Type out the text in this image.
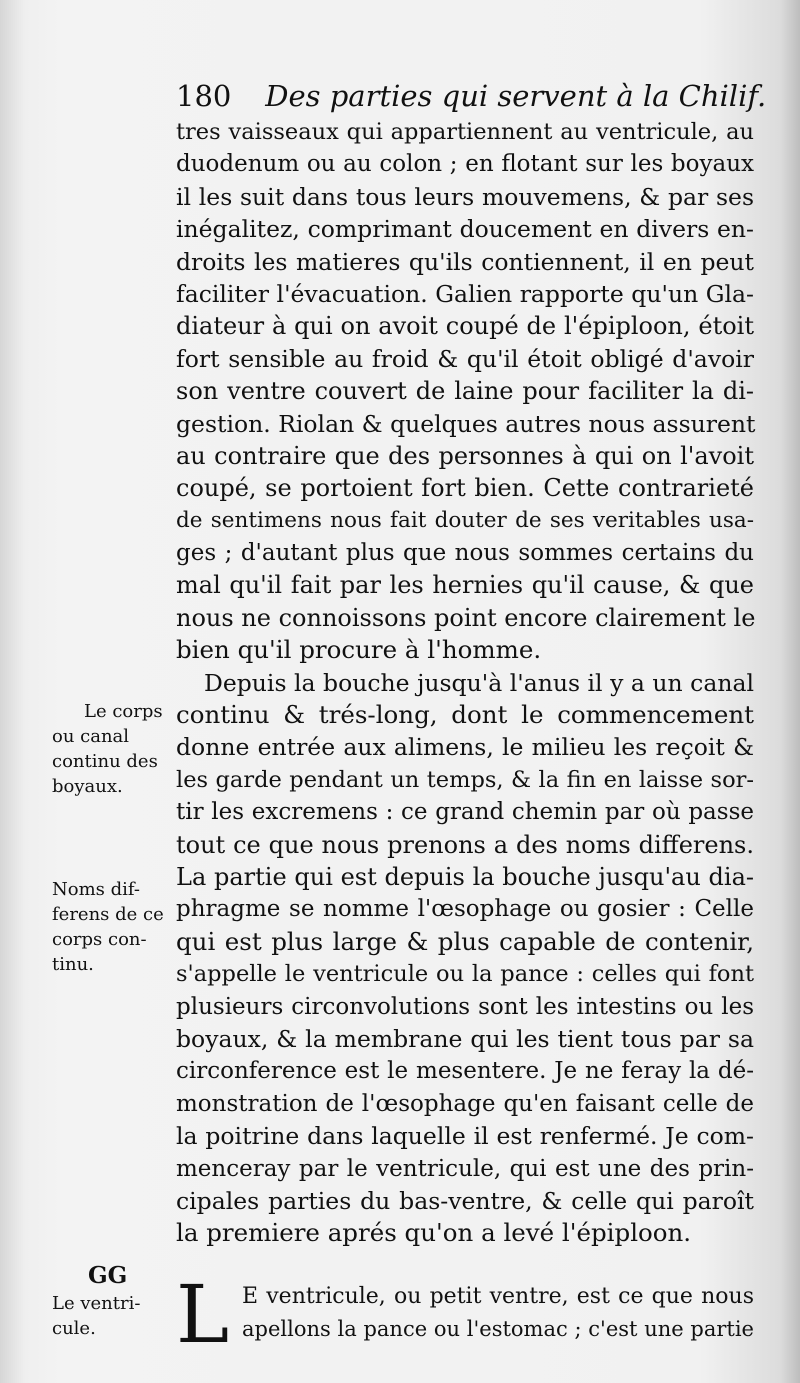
180 Des parties qui servent à la Chilif.
tres vaisseaux qui appartiennent au ventricule, au
duodenum ou au colon ; en flotant sur les boyaux
il les suit dans tous leurs mouvemens, & par ses
inégalitez, comprimant doucement en divers en-
droits les matieres qu'ils contiennent, il en peut
faciliter l'évacuation. Galien rapporte qu'un Gla-
diateur à qui on avoit coupé de l'épiploon, étoit
fort sensible au froid & qu'il étoit obligé d'avoir
son ventre couvert de laine pour faciliter la di-
gestion. Riolan & quelques autres nous assurent
au contraire que des personnes à qui on l'avoit
coupé, se portoient fort bien. Cette contrarieté
de sentimens nous fait douter de ses veritables usa-
ges ; d'autant plus que nous sommes certains du
mal qu'il fait par les hernies qu'il cause, & que
nous ne connoissons point encore clairement le
bien qu'il procure à l'homme.
Depuis la bouche jusqu'à l'anus il y a un canal
continu & trés-long, dont le commencement
donne entrée aux alimens, le milieu les reçoit &
les garde pendant un temps, & la fin en laisse sor-
tir les excremens : ce grand chemin par où passe
tout ce que nous prenons a des noms differens.
La partie qui est depuis la bouche jusqu'au dia-
phragme se nomme l'œsophage ou gosier : Celle
qui est plus large & plus capable de contenir,
s'appelle le ventricule ou la pance : celles qui font
plusieurs circonvolutions sont les intestins ou les
boyaux, & la membrane qui les tient tous par sa
circonference est le mesentere. Je ne feray la dé-
monstration de l'œsophage qu'en faisant celle de
la poitrine dans laquelle il est renfermé. Je com-
menceray par le ventricule, qui est une des prin-
cipales parties du bas-ventre, & celle qui paroît
la premiere aprés qu'on a levé l'épiploon.
L E ventricule, ou petit ventre, est ce que nous
apellons la pance ou l'estomac ; c'est une partie
Le corps
ou canal
continu des
boyaux.
Noms dif-
ferens de ce
corps con-
tinu.
GG
Le ventri-
cule.
